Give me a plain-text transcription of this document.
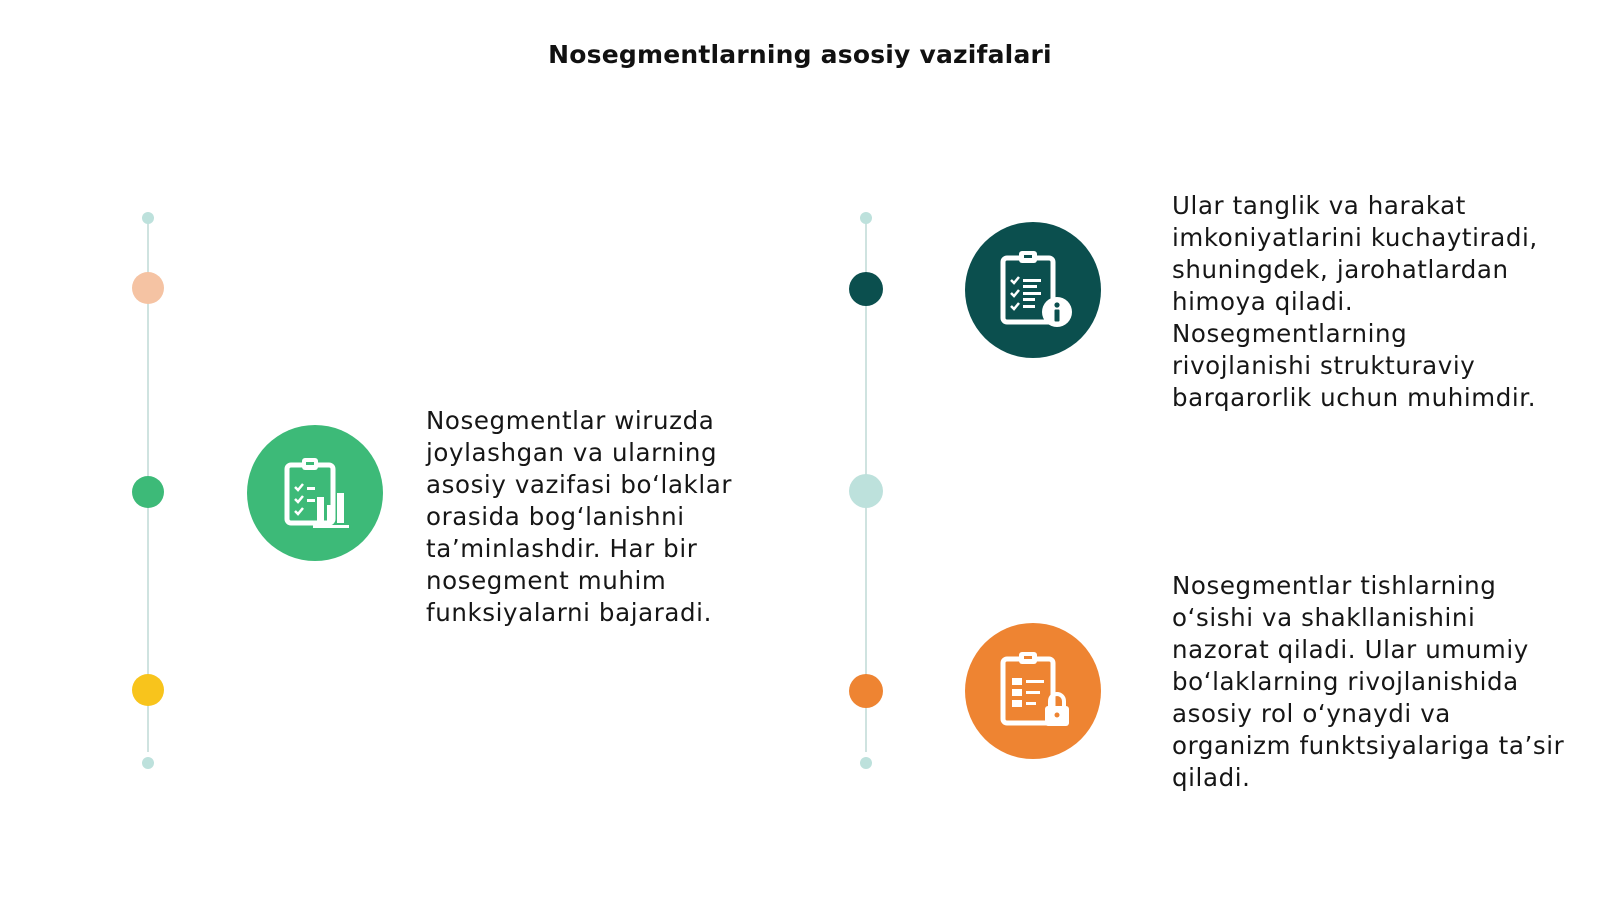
Nosegmentlarning asosiy vazifalari
Nosegmentlar wiruzda joylashgan va ularning asosiy vazifasi bo‘laklar orasida bog‘lanishni ta’minlashdir. Har bir nosegment muhim funksiyalarni bajaradi.
Ular tanglik va harakat imkoniyatlarini kuchaytiradi, shuningdek, jarohatlardan himoya qiladi. Nosegmentlarning rivojlanishi strukturaviy barqarorlik uchun muhimdir.
Nosegmentlar tishlarning o‘sishi va shakllanishini nazorat qiladi. Ular umumiy bo‘laklarning rivojlanishida asosiy rol o‘ynaydi va organizm funktsiyalariga ta’sir qiladi.
